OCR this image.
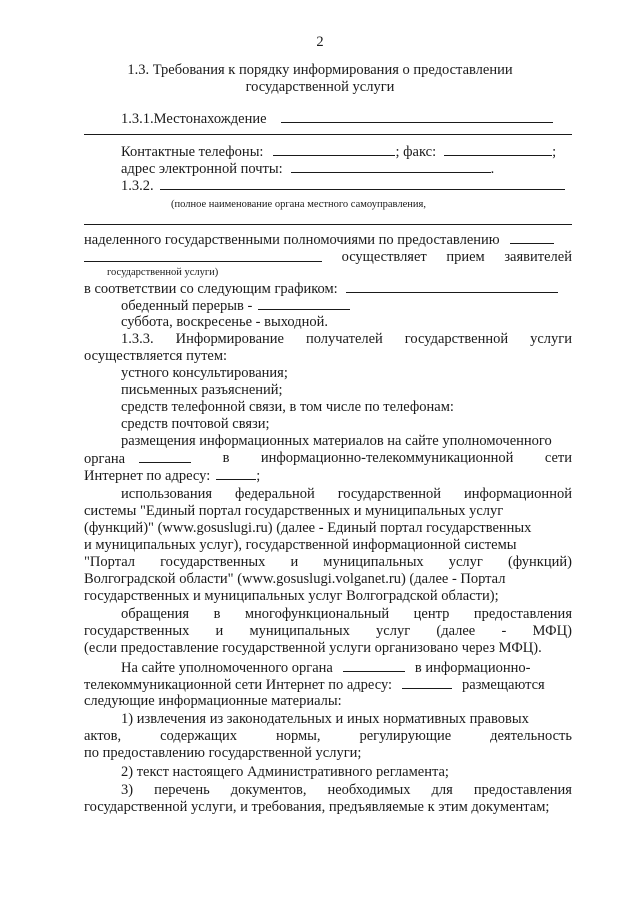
2
1.3. Требования к порядку информирования о предоставлении
государственной услуги
1.3.1.Местонахождение
Контактные телефоны:	; факс:	;
адрес электронной почты:	.
1.3.2.
(полное наименование органа местного самоуправления,
наделенного государственными полномочиями по предоставлению
осуществляет прием заявителей
государственной услуги)
в соответствии со следующим графиком:
обеденный перерыв -
суббота, воскресенье - выходной.
1.3.3. Информирование получателей государственной услуги
осуществляется путем:
устного консультирования;
письменных разъяснений;
средств телефонной связи, в том числе по телефонам:
средств почтовой связи;
размещения информационных материалов на сайте уполномоченного
органа	в информационно-телекоммуникационной сети
Интернет по адресу:	;
использования федеральной государственной информационной
системы "Единый портал государственных и муниципальных услуг
(функций)" (www.gosuslugi.ru) (далее - Единый портал государственных
и муниципальных услуг), государственной информационной системы
"Портал государственных и муниципальных услуг (функций)
Волгоградской области" (www.gosuslugi.volganet.ru) (далее - Портал
государственных и муниципальных услуг Волгоградской области);
обращения в многофункциональный центр предоставления
государственных и муниципальных услуг (далее - МФЦ)
(если предоставление государственной услуги организовано через МФЦ).
На сайте уполномоченного органа	в информационно-
телекоммуникационной сети Интернет по адресу:	размещаются
следующие информационные материалы:
1) извлечения из законодательных и иных нормативных правовых
актов,	содержащих	нормы,	регулирующие	деятельность
по предоставлению государственной услуги;
2) текст настоящего Административного регламента;
3) перечень документов, необходимых для предоставления
государственной услуги, и требования, предъявляемые к этим документам;
